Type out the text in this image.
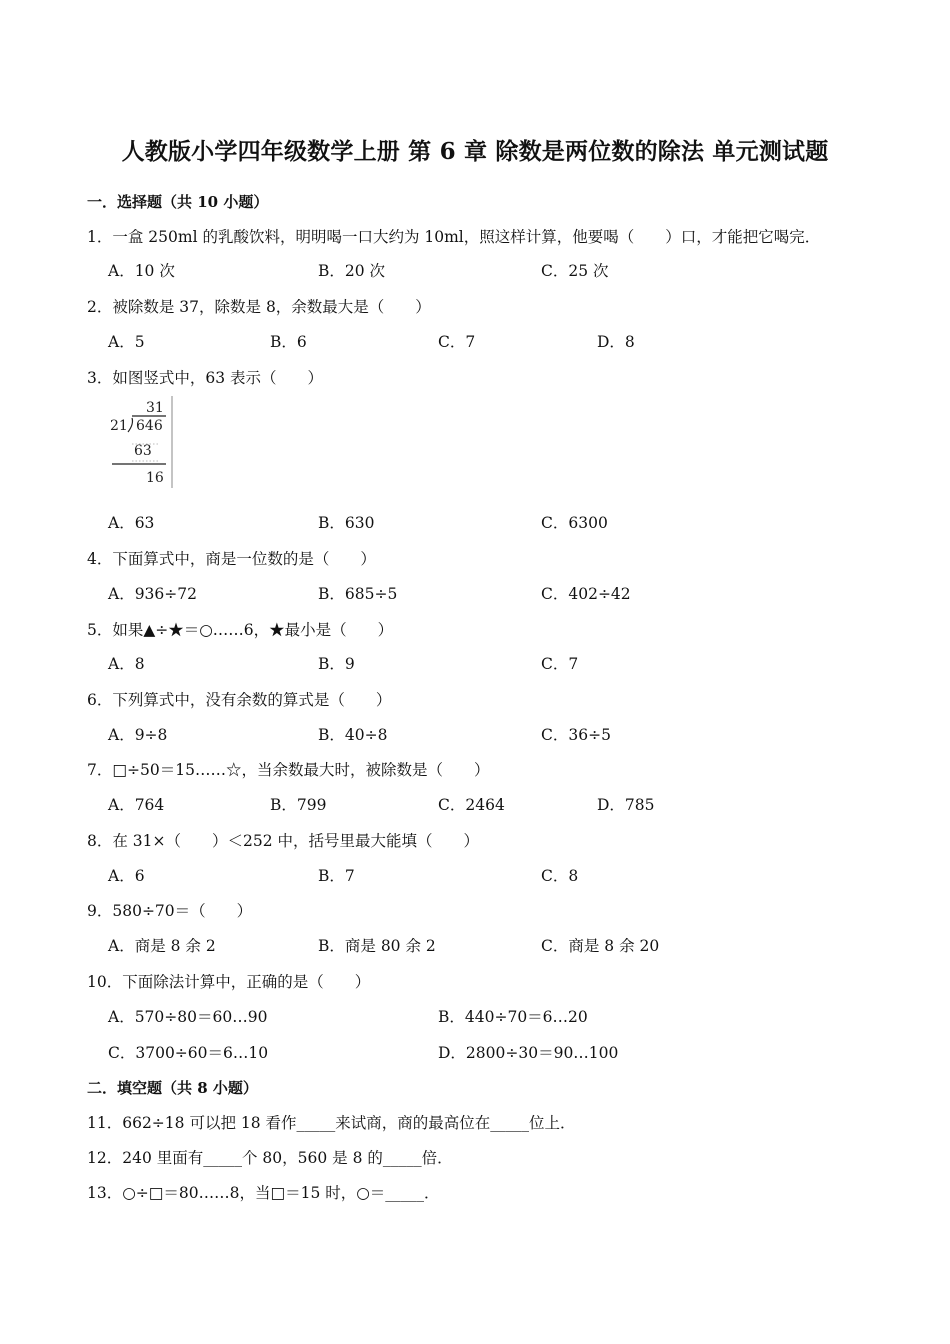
人教版小学四年级数学上册 第 6 章 除数是两位数的除法 单元测试题
一．选择题（共 10 小题）
1．一盒 250ml 的乳酸饮料，明明喝一口大约为 10ml，照这样计算，他要喝（　　）口，才能把它喝完．
A．10 次	B．20 次	C．25 次
2．被除数是 37，除数是 8，余数最大是（　　）
A．5	B．6	C．7	D．8
3．如图竖式中，63 表示（　　）
31
21 646
63
16
A．63	B．630	C．6300
4．下面算式中，商是一位数的是（　　）
A．936÷72	B．685÷5	C．402÷42
5．如果▲÷★＝○……6，★最小是（　　）
A．8	B．9	C．7
6．下列算式中，没有余数的算式是（　　）
A．9÷8	B．40÷8	C．36÷5
7．□÷50＝15……☆，当余数最大时，被除数是（　　）
A．764	B．799	C．2464	D．785
8．在 31×（　　）＜252 中，括号里最大能填（　　）
A．6	B．7	C．8
9．580÷70＝（　　）
A．商是 8 余 2	B．商是 80 余 2	C．商是 8 余 20
10．下面除法计算中，正确的是（　　）
A．570÷80＝60…90	B．440÷70＝6…20
C．3700÷60＝6…10	D．2800÷30＝90…100
二．填空题（共 8 小题）
11．662÷18 可以把 18 看作_____来试商，商的最高位在_____位上．
12．240 里面有_____个 80，560 是 8 的_____倍．
13．○÷□＝80……8，当□＝15 时，○＝_____．
